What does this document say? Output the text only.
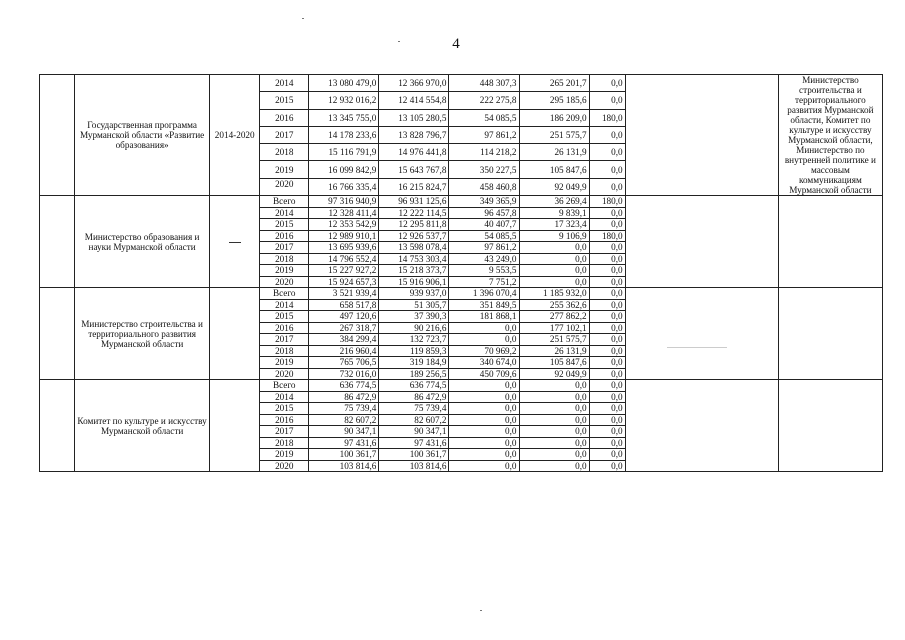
4
	Государственная программа Мурманской области «Развитие образования»	2014-2020	2014	13 080 479,0	12 366 970,0	448 307,3	265 201,7	0,0		Министерство строительства и территориального развития Мурманской области, Комитет по культуре и искусству Мурманской области, Министерство по внутренней политике и массовым коммуникациям Мурманской области
			2015	12 932 016,2	12 414 554,8	222 275,8	295 185,6	0,0		
			2016	13 345 755,0	13 105 280,5	54 085,5	186 209,0	180,0		
			2017	14 178 233,6	13 828 796,7	97 861,2	251 575,7	0,0		
			2018	15 116 791,9	14 976 441,8	114 218,2	26 131,9	0,0		
			2019	16 099 842,9	15 643 767,8	350 227,5	105 847,6	0,0		
			2020	16 766 335,4	16 215 824,7	458 460,8	92 049,9	0,0		
	Министерство образования и науки Мурманской области		Всего	97 316 940,9	96 931 125,6	349 365,9	36 269,4	180,0		
			2014	12 328 411,4	12 222 114,5	96 457,8	9 839,1	0,0		
			2015	12 353 542,9	12 295 811,8	40 407,7	17 323,4	0,0		
			2016	12 989 910,1	12 926 537,7	54 085,5	9 106,9	180,0		
			2017	13 695 939,6	13 598 078,4	97 861,2	0,0	0,0		
			2018	14 796 552,4	14 753 303,4	43 249,0	0,0	0,0		
			2019	15 227 927,2	15 218 373,7	9 553,5	0,0	0,0		
			2020	15 924 657,3	15 916 906,1	7 751,2	0,0	0,0		
	Министерство строительства и территориального развития Мурманской области		Всего	3 521 939,4	939 937,0	1 396 070,4	1 185 932,0	0,0		
			2014	658 517,8	51 305,7	351 849,5	255 362,6	0,0		
			2015	497 120,6	37 390,3	181 868,1	277 862,2	0,0		
			2016	267 318,7	90 216,6	0,0	177 102,1	0,0		
			2017	384 299,4	132 723,7	0,0	251 575,7	0,0		
			2018	216 960,4	119 859,3	70 969,2	26 131,9	0,0		
			2019	765 706,5	319 184,9	340 674,0	105 847,6	0,0		
			2020	732 016,0	189 256,5	450 709,6	92 049,9	0,0		
	Комитет по культуре и искусству Мурманской области		Всего	636 774,5	636 774,5	0,0	0,0	0,0		
			2014	86 472,9	86 472,9	0,0	0,0	0,0		
			2015	75 739,4	75 739,4	0,0	0,0	0,0		
			2016	82 607,2	82 607,2	0,0	0,0	0,0		
			2017	90 347,1	90 347,1	0,0	0,0	0,0		
			2018	97 431,6	97 431,6	0,0	0,0	0,0		
			2019	100 361,7	100 361,7	0,0	0,0	0,0		
			2020	103 814,6	103 814,6	0,0	0,0	0,0		
